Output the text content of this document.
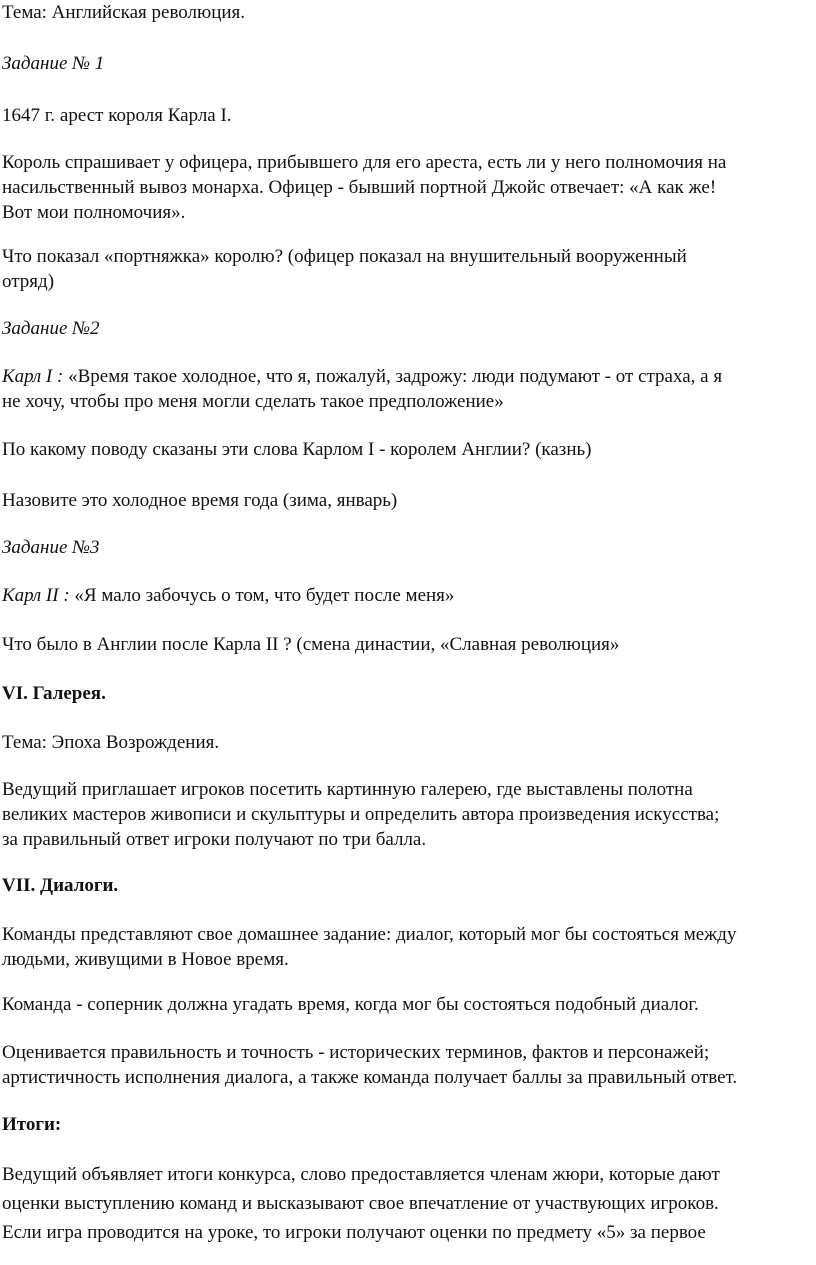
Тема: Английская революция.

Задание № 1

1647 г. арест короля Карла I.

Король спрашивает у офицера, прибывшего для его ареста, есть ли у него полномочия на
насильственный вывоз монарха. Офицер - бывший портной Джойс отвечает: «А как же!
Вот мои полномочия».

Что показал «портняжка» королю? (офицер показал на внушительный вооруженный
отряд)

Задание №2

Карл I : «Время такое холодное, что я, пожалуй, задрожу: люди подумают - от страха, а я
не хочу, чтобы про меня могли сделать такое предположение»

По какому поводу сказаны эти слова Карлом I - королем Англии? (казнь)

Назовите это холодное время года (зима, январь)

Задание №3

Карл II : «Я мало забочусь о том, что будет после меня»

Что было в Англии после Карла II ? (смена династии, «Славная революция»

VI. Галерея.

Тема: Эпоха Возрождения.

Ведущий приглашает игроков посетить картинную галерею, где выставлены полотна
великих мастеров живописи и скульптуры и определить автора произведения искусства;
за правильный ответ игроки получают по три балла.

VII. Диалоги.

Команды представляют свое домашнее задание: диалог, который мог бы состояться между
людьми, живущими в Новое время.

Команда - соперник должна угадать время, когда мог бы состояться подобный диалог.

Оценивается правильность и точность - исторических терминов, фактов и персонажей;
артистичность исполнения диалога, а также команда получает баллы за правильный ответ.

Итоги:

Ведущий объявляет итоги конкурса, слово предоставляется членам жюри, которые дают
оценки выступлению команд и высказывают свое впечатление от участвующих игроков.
Если игра проводится на уроке, то игроки получают оценки по предмету «5» за первое
